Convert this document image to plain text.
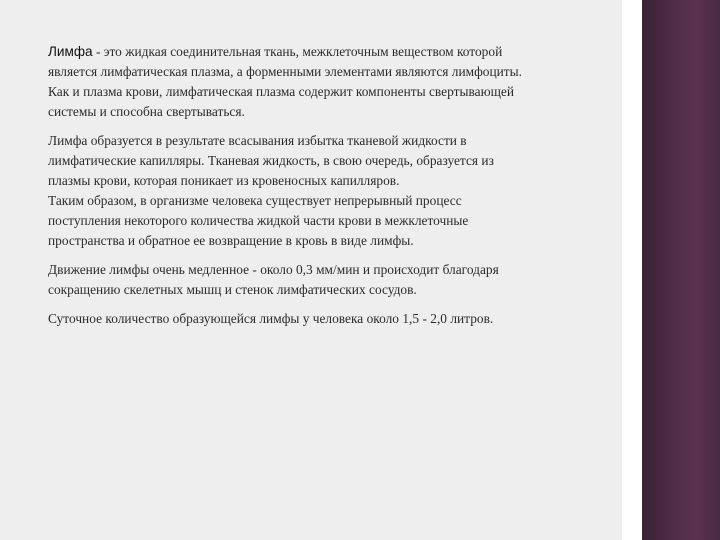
Лимфа - это жидкая соединительная ткань, межклеточным веществом которой
является лимфатическая плазма, а форменными элементами являются лимфоциты.
Как и плазма крови, лимфатическая плазма содержит компоненты свертывающей
системы и способна свертываться.

Лимфа образуется в результате всасывания избытка тканевой жидкости в
лимфатические капилляры. Тканевая жидкость, в свою очередь, образуется из
плазмы крови, которая поникает из кровеносных капилляров.
Таким образом, в организме человека существует непрерывный процесс
поступления некоторого количества жидкой части крови в межклеточные
пространства и обратное ее возвращение в кровь в виде лимфы.

Движение лимфы очень медленное - около 0,3 мм/мин и происходит благодаря
сокращению скелетных мышц и стенок лимфатических сосудов.

Суточное количество образующейся лимфы у человека около 1,5 - 2,0 литров.
